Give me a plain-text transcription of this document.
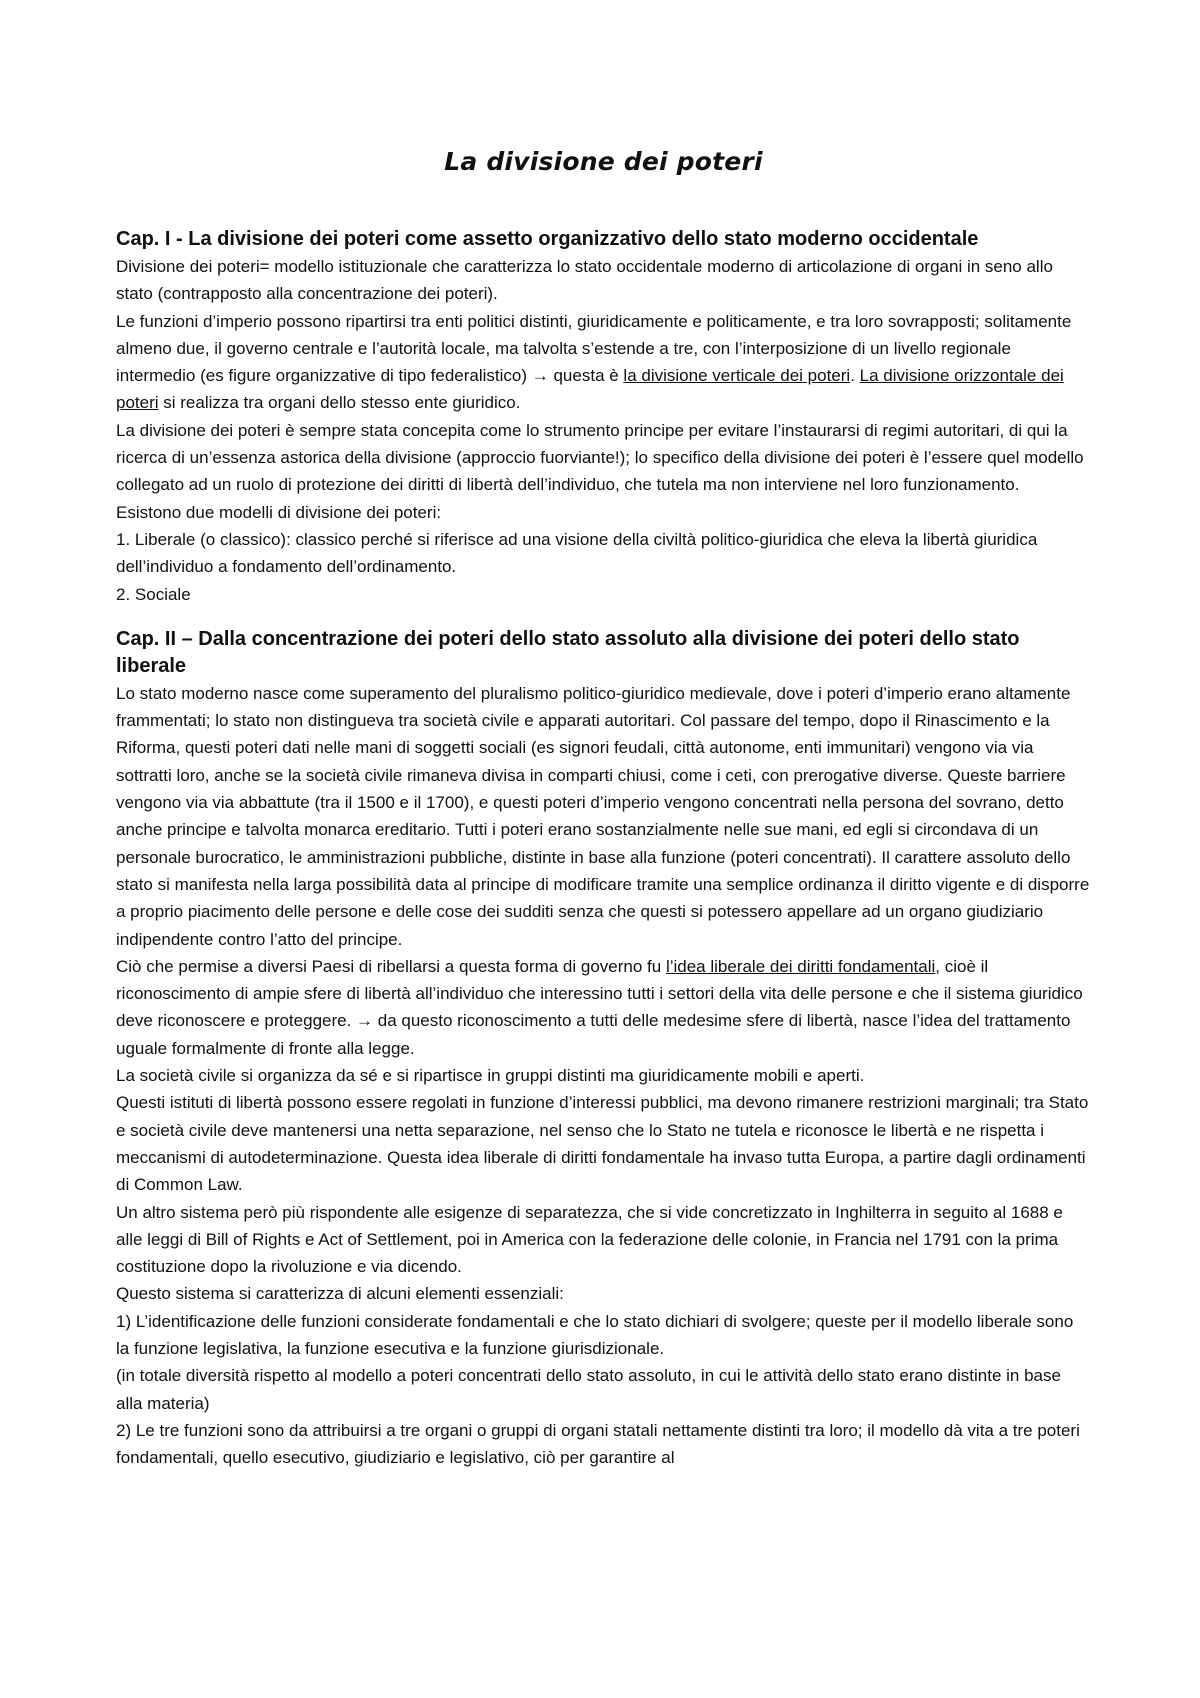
La divisione dei poteri
Cap. I - La divisione dei poteri come assetto organizzativo dello stato moderno occidentale

Divisione dei poteri= modello istituzionale che caratterizza lo stato occidentale moderno di articolazione di organi in seno allo stato (contrapposto alla concentrazione dei poteri).

Le funzioni d’imperio possono ripartirsi tra enti politici distinti, giuridicamente e politicamente, e tra loro sovrapposti; solitamente almeno due, il governo centrale e l’autorità locale, ma talvolta s’estende a tre, con l’interposizione di un livello regionale intermedio (es figure organizzative di tipo federalistico) → questa è la divisione verticale dei poteri. La divisione orizzontale dei poteri si realizza tra organi dello stesso ente giuridico.

La divisione dei poteri è sempre stata concepita come lo strumento principe per evitare l’instaurarsi di regimi autoritari, di qui la ricerca di un’essenza astorica della divisione (approccio fuorviante!); lo specifico della divisione dei poteri è l’essere quel modello collegato ad un ruolo di protezione dei diritti di libertà dell’individuo, che tutela ma non interviene nel loro funzionamento.

Esistono due modelli di divisione dei poteri:

1. Liberale (o classico): classico perché si riferisce ad una visione della civiltà politico-giuridica che eleva la libertà giuridica dell’individuo a fondamento dell’ordinamento.

2. Sociale

Cap. II – Dalla concentrazione dei poteri dello stato assoluto alla divisione dei poteri dello stato liberale

Lo stato moderno nasce come superamento del pluralismo politico-giuridico medievale, dove i poteri d’imperio erano altamente frammentati; lo stato non distingueva tra società civile e apparati autoritari. Col passare del tempo, dopo il Rinascimento e la Riforma, questi poteri dati nelle mani di soggetti sociali (es signori feudali, città autonome, enti immunitari) vengono via via sottratti loro, anche se la società civile rimaneva divisa in comparti chiusi, come i ceti, con prerogative diverse. Queste barriere vengono via via abbattute (tra il 1500 e il 1700), e questi poteri d’imperio vengono concentrati nella persona del sovrano, detto anche principe e talvolta monarca ereditario. Tutti i poteri erano sostanzialmente nelle sue mani, ed egli si circondava di un personale burocratico, le amministrazioni pubbliche, distinte in base alla funzione (poteri concentrati). Il carattere assoluto dello stato si manifesta nella larga possibilità data al principe di modificare tramite una semplice ordinanza il diritto vigente e di disporre a proprio piacimento delle persone e delle cose dei sudditi senza che questi si potessero appellare ad un organo giudiziario indipendente contro l’atto del principe.

Ciò che permise a diversi Paesi di ribellarsi a questa forma di governo fu l’idea liberale dei diritti fondamentali, cioè il riconoscimento di ampie sfere di libertà all’individuo che interessino tutti i settori della vita delle persone e che il sistema giuridico deve riconoscere e proteggere. → da questo riconoscimento a tutti delle medesime sfere di libertà, nasce l’idea del trattamento uguale formalmente di fronte alla legge.

La società civile si organizza da sé e si ripartisce in gruppi distinti ma giuridicamente mobili e aperti.

Questi istituti di libertà possono essere regolati in funzione d’interessi pubblici, ma devono rimanere restrizioni marginali; tra Stato e società civile deve mantenersi una netta separazione, nel senso che lo Stato ne tutela e riconosce le libertà e ne rispetta i meccanismi di autodeterminazione. Questa idea liberale di diritti fondamentale ha invaso tutta Europa, a partire dagli ordinamenti di Common Law.

Un altro sistema però più rispondente alle esigenze di separatezza, che si vide concretizzato in Inghilterra in seguito al 1688 e alle leggi di Bill of Rights e Act of Settlement, poi in America con la federazione delle colonie, in Francia nel 1791 con la prima costituzione dopo la rivoluzione e via dicendo.

Questo sistema si caratterizza di alcuni elementi essenziali:

1) L’identificazione delle funzioni considerate fondamentali e che lo stato dichiari di svolgere; queste per il modello liberale sono la funzione legislativa, la funzione esecutiva e la funzione giurisdizionale.

(in totale diversità rispetto al modello a poteri concentrati dello stato assoluto, in cui le attività dello stato erano distinte in base alla materia)

2) Le tre funzioni sono da attribuirsi a tre organi o gruppi di organi statali nettamente distinti tra loro; il modello dà vita a tre poteri fondamentali, quello esecutivo, giudiziario e legislativo, ciò per garantire al
